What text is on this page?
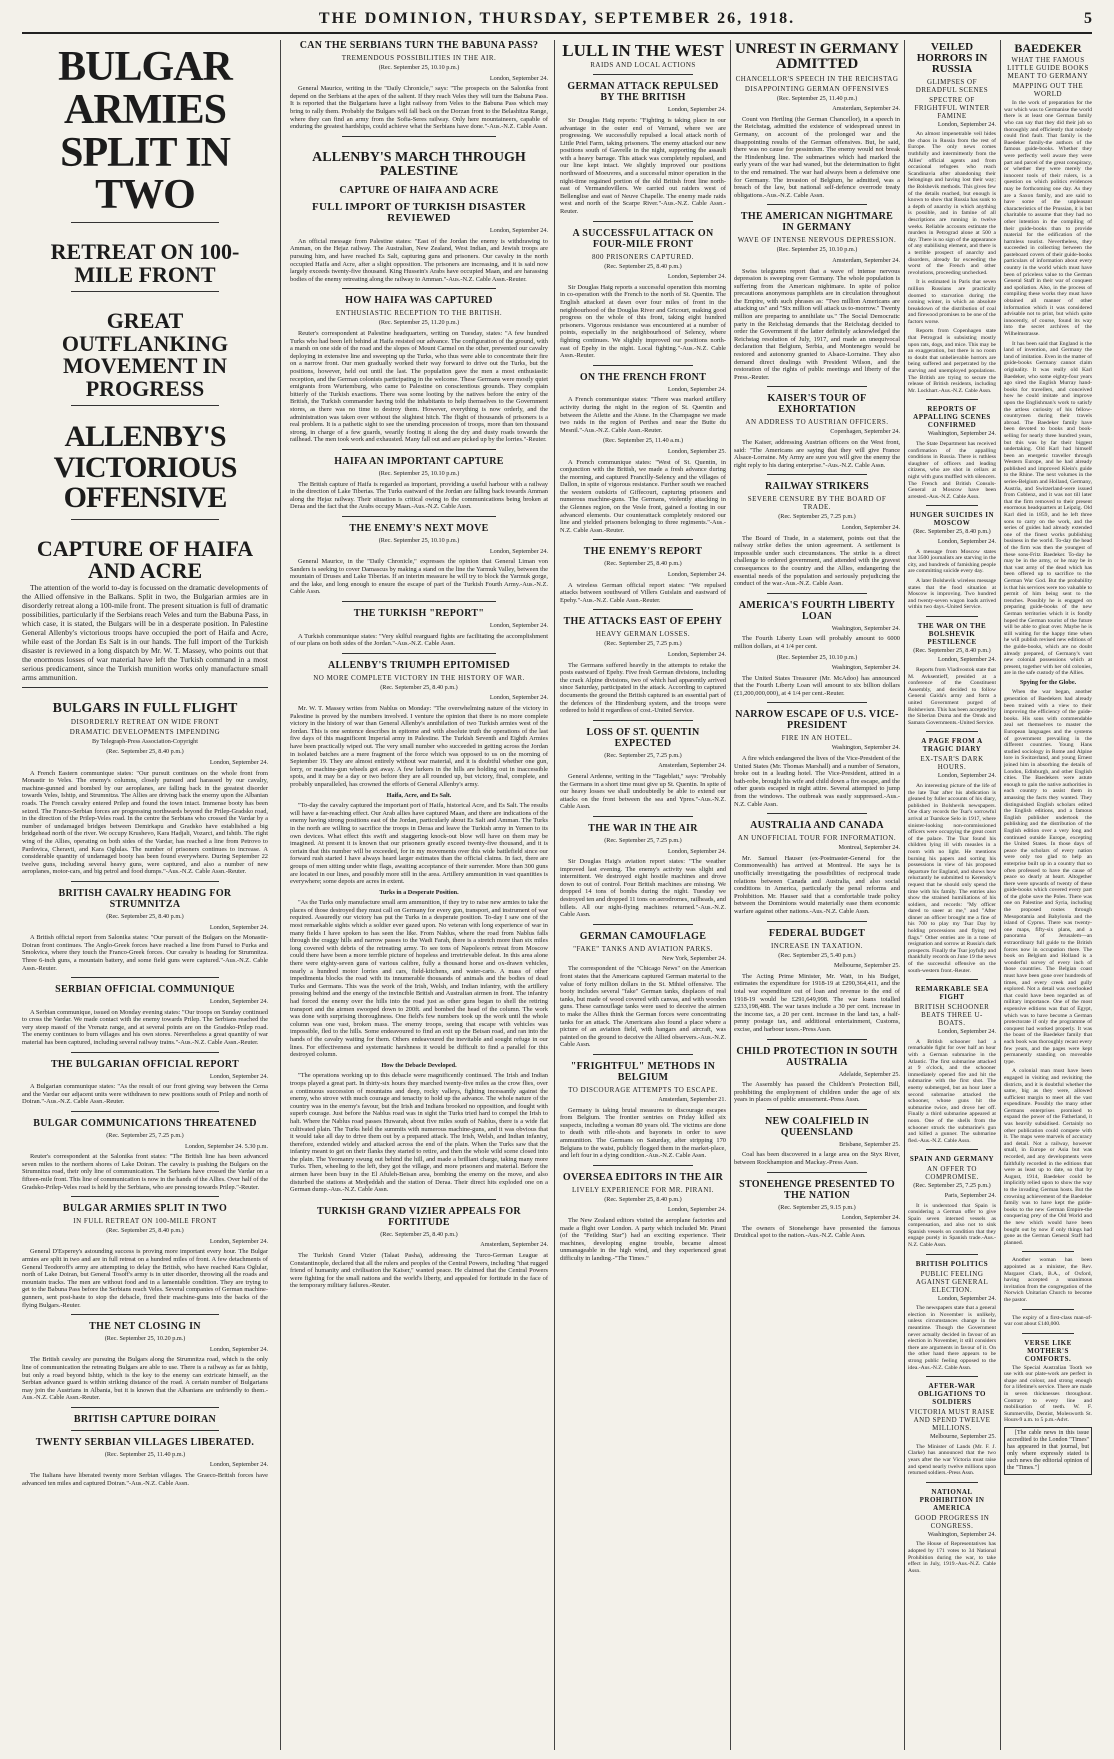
THE DOMINION, THURSDAY, SEPTEMBER 26, 1918.	5
BULGAR ARMIES SPLIT IN TWO
RETREAT ON 100-MILE FRONT
GREAT OUTFLANKING MOVEMENT IN PROGRESS
ALLENBY'S VICTORIOUS OFFENSIVE
CAPTURE OF HAIFA AND ACRE

The attention of the world to-day is focussed on the dramatic developments of the Allied offensive in the Balkans. Split in two, the Bulgarian armies are in disorderly retreat along a 100-mile front. The present situation is full of dramatic possibilities, particularly if the Serbians reach Veles and turn the Babuna Pass, in which case, it is stated, the Bulgars will be in a desperate position. In Palestine General Allenby's victorious troops have occupied the port of Haifa and Acre, while east of the Jordan Es Salt is in our hands. The full import of the Turkish disaster is reviewed in a long dispatch by Mr. W. T. Massey, who points out that the enormous losses of war material have left the Turkish command in a most serious predicament, since the Turkish munition works only manufacture small arms ammunition.

BULGARS IN FULL FLIGHT
DISORDERLY RETREAT ON WIDE FRONT
DRAMATIC DEVELOPMENTS IMPENDING
By Telegraph-Press Association-Copyright
(Rec. September 25, 8.40 p.m.)

London, September 24.

A French Eastern communique states: "Our pursuit continues on the whole front from Monastir to Veles. The enemy's columns, closely pursued and harassed by our cavalry, machine-gunned and bombed by our aeroplanes, are falling back in the greatest disorder towards Veles, Ishtip, and Strumnitza. The Allies are driving back the enemy upon the Albanian roads. The French cavalry entered Prilep and found the town intact. Immense booty has been seized. The Franco-Serbian forces are progressing northwards beyond the Prilep-Gradsko road, in the direction of the Prilep-Veles road. In the centre the Serbians who crossed the Vardar by a number of undamaged bridges between Demirkapu and Gradsko have established a big bridgehead north of the river. We occupy Krushevo, Kara Hadjali, Vozarci, and Ishtib. The right wing of the Allies, operating on both sides of the Vardar, has reached a line from Petrovo to Pardovica, Cheravti, and Kara Oglulas. The number of prisoners continues to increase. A considerable quantity of undamaged booty has been found everywhere. During September 22 twelve guns, including several heavy guns, were captured, and also a number of new aeroplanes, motor-cars, and big petrol and food dumps."-Aus.-N.Z. Cable Assn.-Reuter.

BRITISH CAVALRY HEADING FOR STRUMNITZA
(Rec. September 25, 8.40 p.m.)

London, September 24.

A British official report from Salonika states: "Our pursuit of the Bulgars on the Monastir-Doiran front continues. The Anglo-Greek forces have reached a line from Fursel to Furka and Smokvica, where they touch the Franco-Greek forces. Our cavalry is heading for Strumnitza. Three 6-inch guns, a mountain battery, and some field guns were captured."-Aus.-N.Z. Cable Assn.-Reuter.

SERBIAN OFFICIAL COMMUNIQUE

London, September 24.

A Serbian communique, issued on Monday evening states: "Our troops on Sunday continued to cross the Vardar. We made contact with the enemy towards Prilep. The Serbians reached the very steep massif of the Vrenatz range, and at several points are on the Gradsko-Prilep road. The enemy continues to burn villages and his own stores. Nevertheless a great quantity of war material has been captured, including several railway trains."-Aus.-N.Z. Cable Assn.-Reuter.

THE BULGARIAN OFFICIAL REPORT

London, September 24.

A Bulgarian communique states: "As the result of our front giving way between the Cerna and the Vardar our adjacent units were withdrawn to new positions south of Prilep and north of Doiran."-Aus.-N.Z. Cable Assn.-Reuter.

BULGAR COMMUNICATIONS THREATENED
(Rec. September 25, 7.25 p.m.)

London, September 24. 5.30 p.m.

Reuter's correspondent at the Salonika front states: "The British line has been advanced seven miles to the northern shores of Lake Doiran. The cavalry is pushing the Bulgars on the Strumnitza road, their only line of communication. The Serbians have crossed the Vardar on a fifteen-mile front. This line of communication is now in the hands of the Allies. Over half of the Gradsko-Prilep-Veles road is held by the Serbians, who are pressing towards Prilep."-Reuter.

BULGAR ARMIES SPLIT IN TWO
IN FULL RETREAT ON 100-MILE FRONT
(Rec. September 25, 8.40 p.m.)

London, September 24.

General D'Esperey's astounding success is proving more important every hour. The Bulgar armies are split in two and are in full retreat on a hundred miles of front. A few detachments of General Teodoroff's army are attempting to delay the British, who have reached Kara Oglular, north of Lake Doiran, but General Tosoff's army is in utter disorder, throwing all the roads and mountain tracks. The men are without food and in a lamentable condition. They are trying to get to the Babuna Pass before the Serbians reach Veles. Several companies of German machine-gunners, sent post-haste to stop the debacle, fired their machine-guns into the backs of the flying Bulgars.-Reuter.

THE NET CLOSING IN
(Rec. September 25, 10.20 p.m.)

London, September 24.

The British cavalry are pursuing the Bulgars along the Strumnitza road, which is the only line of communication the retreating Bulgars are able to use. There is a railway as far as Ishtip, but only a road beyond Ishtip, which is the key to the enemy can extricate himself, as the Serbian advance guard is within striking distance of the road. A certain number of Bulgarians may join the Austrians in Albania, but it is known that the Albanians are unfriendly to them.-Aus.-N.Z. Cable Assn.-Reuter.

BRITISH CAPTURE DOIRAN
TWENTY SERBIAN VILLAGES LIBERATED.
(Rec. September 25, 11.40 p.m.)

London, September 24.

The Italians have liberated twenty more Serbian villages. The Graeco-British forces have advanced ten miles and captured Doiran."-Aus.-N.Z. Cable Assn.

CAN THE SERBIANS TURN THE BABUNA PASS?
TREMENDOUS POSSIBILITIES IN THE AIR.
(Rec. September 25, 10.10 p.m.)

London, September 24.

General Maurice, writing in the "Daily Chronicle," says: "The prospects on the Salonika front depend on the Serbians at the apex of the salient. If they reach Veles they will turn the Babuna Pass. It is reported that the Bulgarians have a light railway from Veles to the Babuna Pass which may bring to rally them. Probably the Bulgars will fall back on the Dorzan front to the Belashitza Range, where they can find an army from the Sofia-Seres railway. Only here mountaineers, capable of enduring the greatest hardships, could achieve what the Serbians have done."-Aus.-N.Z. Cable Assn.

ALLENBY'S MARCH THROUGH PALESTINE
CAPTURE OF HAIFA AND ACRE
FULL IMPORT OF TURKISH DISASTER REVIEWED

London, September 24.

An official message from Palestine states: "East of the Jordan the enemy is withdrawing to Amman, on the Hejaz railway. The Australian, New Zealand, West Indian, and Jewish troops are pursuing him, and have reached Es Salt, capturing guns and prisoners. Our cavalry in the north occupied Haifa and Acre, after a slight opposition. The prisoners are increasing, and it is said now largely exceeds twenty-five thousand. King Hussein's Arabs have occupied Maan, and are harassing bodies of the enemy retreating along the railway to Amman."-Aus.-N.Z. Cable Assn.-Reuter.

HOW HAIFA WAS CAPTURED
ENTHUSIASTIC RECEPTION TO THE BRITISH.
(Rec. September 25, 11.20 p.m.)

Reuter's correspondent at Palestine headquarters, writing on Tuesday, states: "A few hundred Turks who had been left behind at Haifa resisted our advance. The configuration of the ground, with a marsh on one side of the road and the slopes of Mount Carmel on the other, prevented our cavalry deploying in extensive line and sweeping up the Turks, who thus were able to concentrate their fire on a narrow front. Our men gradually worked their way forward to drive out the Turks, but the positions, however, held out until the last. The population gave the men a most enthusiastic reception, and the German colonists participating in the welcome. These Germans were mostly quiet emigrants from Wurtemburg, who came to Palestine on conscientious grounds. They complain bitterly of the Turkish exactions. There was some looting by the natives before the entry of the British, the Turkish commander having told the inhabitants to help themselves to the Government stores, as there was no time to destroy them. However, everything is now orderly, and the administration was taken over without the slightest hitch. The flight of thousands of prisoners is a real problem. It is a pathetic sight to see the unending procession of troops, more than ten thousand strong, in charge of a few guards, wearily footing it along the dry and dusty roads towards the railhead. The men took work and exhausted. Many fall out and are picked up by the lorries."-Reuter.

HAIFA AN IMPORTANT CAPTURE
(Rec. September 25, 10.10 p.m.)

The British capture of Haifa is regarded as important, providing a useful harbour with a railway in the direction of Lake Tiberias. The Turks eastward of the Jordan are falling back towards Amman along the Hejaz railway. Their situation is critical owing to the communications being broken at Deraa and the fact that the Arabs occupy Maan.-Aus.-N.Z. Cable Assn.

THE ENEMY'S NEXT MOVE
(Rec. September 25, 10.10 p.m.)

London, September 24.

General Maurice, in the "Daily Chronicle," expresses the opinion that General Liman von Sanders is seeking to cover Damascus by making a stand on the line the Yarmuk Valley, between the mountain of Druses and Lake Tiberias. If an interim measure he will try to block the Yarmuk gorge, and the lake, and long enough to ensure the escape of part of the Turkish Fourth Army.-Aus.-N.Z. Cable Assn.

THE TURKISH "REPORT"

London, September 24.

A Turkish communique states: "Very skilful rearguard fights are facilitating the accomplishment of our plans on both sides of the Jordan."-Aus.-N.Z. Cable Assn.

ALLENBY'S TRIUMPH EPITOMISED
NO MORE COMPLETE VICTORY IN THE HISTORY OF WAR.
(Rec. September 25, 8.40 p.m.)

London, September 24.

Mr. W. T. Massey writes from Nablus on Monday: "The overwhelming nature of the victory in Palestine is proved by the numbers involved. I venture the opinion that there is no more complete victory in the history of war than General Allenby's annihilation of two Turkish armies west of the Jordan. This is one sentence describes in epitome and with absolute truth the operations of the last five days of this magnificent Imperial army in Palestine. The Turkish Seventh and Eighth Armies have been practically wiped out. The very small number who succeeded in getting across the Jordan in isolated batches are a mere fragment of the force which was opposed to us on the morning of September 19. They are almost entirely without war material, and it is doubtful whether one gun, lorry, or machine-gun wheels got away. A few lurkers in the hills are holding out in inaccessible spots, and it may be a day or two before they are all rounded up, but victory, final, complete, and probably unparalleled, has crowned the efforts of General Allenby's army.

Haifa, Acre, and Es Salt.

"To-day the cavalry captured the important port of Haifa, historical Acre, and Es Salt. The results will have a far-reaching effect. Our Arab allies have captured Maan, and there are indications of the enemy having strong positions east of the Jordan, particularly about Es Salt and Amman. The Turks in the north are willing to sacrifice the troops in Deraa and leave the Turkish army in Yemen to its own devices. What effect this swift and staggering knock-out blow will have on them may be imagined. At present it is known that our prisoners greatly exceed twenty-five thousand, and it is certain that this number will be exceeded, for in my movements over this wide battlefield since our forward rush started I have always heard larger estimates than the official claims. In fact, there are groups of men sitting under white flags, awaiting acceptance of their surrender. More than 300 guns are located in our lines, and possibly more still in the area. Artillery ammunition in vast quantities is everywhere; some depots are acres in extent.

Turks in a Desperate Position.

"As the Turks only manufacture small arm ammunition, if they try to raise new armies to take the places of those destroyed they must call on Germany for every gun, transport, and instrument of war required. Assuredly our victory has put the Turks in a desperate position. To-day I saw one of the most remarkable sights which a soldier ever gazed upon. No veteran with long experience of war in many fields I have spoken to has seen the like. From Nablus, where the road from Nablus falls through the craggy hills and narrow passes to the Wadi Farah, there is a stretch more than six miles long covered with debris of the retreating army. To see tons of Napoleon's retreat from Moscow could there have been a more terrible picture of hopeless and irretrievable defeat. In this area alone there were eighty-seven guns of various calibre, fully a thousand horse and ox-drawn vehicles, nearly a hundred motor lorries and cars, field-kitchens, and water-carts. A mass of other impedimenta blocks the road with its innumerable thousands of animals and the bodies of dead Turks and Germans. This was the work of the Irish, Welsh, and Indian infantry, with the artillery pressing behind and the energy of the invincible British and Australian airmen in front. The infantry had forced the enemy over the hills into the road just as other guns began to shell the retiring transport and the airmen swooped down to 200ft. and bombed the head of the column. The work was done with surprising thoroughness. One field's few numbers took up the work until the whole column was one vast, broken mass. The enemy troops, seeing that escape with vehicles was impossible, fled to the hills. Some endeavoured to find an exit up the Beisan road, and ran into the hands of the cavalry waiting for them. Others endeavoured the inevitable and sought refuge in our lines. For effectiveness and systematic harshness it would be difficult to find a parallel for this destroyed column.

How the Debacle Developed.

"The operations working up to this debacle were magnificently continued. The Irish and Indian troops played a great part. In thirty-six hours they marched twenty-five miles as the crow flies, over a continuous succession of mountains and deep, rocky valleys, fighting incessantly against the enemy, who strove with much courage and tenacity to hold up the advance. The whole nature of the country was in the enemy's favour, but the Irish and Indians brooked no opposition, and fought with superb courage. Just before the Nablus road was in sight the Turks tried hard to compel the Irish to halt. Where the Nablus road passes Huwarah, about five miles south of Nablus, there is a wide flat cultivated plain. The Turks held the summits with numerous machine-guns, and it was obvious that it would take all day to drive them out by a prepared attack. The Irish, Welsh, and Indian infantry, therefore, extended widely and attacked across the end of the plain. When the Turks saw that the infantry meant to get on their flanks they started to retire, and then the whole wild scene closed into the plain. The Yeomanry swung out behind the hill, and made a brilliant charge, taking many more Turks. Then, wheeling to the left, they got the village, and more prisoners and material. Before the airmen have been busy in the El Afuleh-Beisan area, bombing the enemy on the move, and also disturbed the stations at Medjeddah and the station of Deraa. Their direct hits exploded one on a German dump.-Aus.-N.Z. Cable Assn.

TURKISH GRAND VIZIER APPEALS FOR FORTITUDE
(Rec. September 25, 8.40 p.m.)

Amsterdam, September 24.

The Turkish Grand Vizier (Talaat Pasha), addressing the Turco-German League at Constantinople, declared that all the rulers and peoples of the Central Powers, including "that rugged friend of humanity and civilisation the Kaiser," wanted peace. He claimed that the Central Powers were fighting for the small nations and the world's liberty, and appealed for fortitude in the face of the temporary military failures.-Reuter.

LULL IN THE WEST
RAIDS AND LOCAL ACTIONS
GERMAN ATTACK REPULSED BY THE BRITISH

London, September 24.

Sir Douglas Haig reports: "Fighting is taking place in our advantage in the outer end of Verrand, where we are progressing. We successfully repulsed a local attack north of Little Priel Farm, taking prisoners. The enemy attacked our new positions south of Gavrelle in the night, supporting the assault with a heavy barrage. This attack was completely repulsed, and our line kept intact. We slightly improved our positions northward of Moeuvres, and a successful minor operation in the night-time regained portion of the old British front line north-east of Vermandovillers. We carried out raiders west of Bellenglise and east of Neuve Chapelle. The enemy made raids west and north of the Scarpe River."-Aus.-N.Z. Cable Assn.-Reuter.

A SUCCESSFUL ATTACK ON FOUR-MILE FRONT
800 PRISONERS CAPTURED.
(Rec. September 25, 8.40 p.m.)

London, September 24.

Sir Douglas Haig reports a successful operation this morning in co-operation with the French to the north of St. Quentin. The English attacked at dawn over four miles of front in the neighbourhood of the Douglas River and Gricourt, making good progress on the whole of this front, taking eight hundred prisoners. Vigorous resistance was encountered at a number of points, especially in the neighbourhood of Selency, where fighting continues. We slightly improved our positions north-east of Epehy in the night. Local fighting."-Aus.-N.Z. Cable Assn.-Reuter.

ON THE FRENCH FRONT

London, September 24.

A French communique states: "There was marked artillery activity during the night in the region of St. Quentin and between the Ailette and the Aisne. In the Champagne we made two raids in the region of Perthes and near the Butte du Mesnil."-Aus.-N.Z. Cable Assn.-Reuter.

(Rec. September 25, 11.40 a.m.)

London, September 25.

A French communique states: "West of St. Quentin, in conjunction with the British, we made a fresh advance during the morning, and captured Francilly-Selency and the villages of Dallon, in spite of vigorous resistance. Further south we reached the western outskirts of Giffecourt, capturing prisoners and numerous machine-guns. The Germans, violently attacking in the Glennes region, on the Vesle front, gained a footing in our advanced elements. Our counterattack completely restored our line and yielded prisoners belonging to three regiments."-Aus.-N.Z. Cable Assn.-Reuter.

THE ENEMY'S REPORT
(Rec. September 25, 8.40 p.m.)

London, September 24.

A wireless German official report states: "We repulsed attacks between southward of Villers Guislain and eastward of Epehy."-Aus.-N.Z. Cable Assn.-Reuter.

THE ATTACKS EAST OF EPEHY
HEAVY GERMAN LOSSES.
(Rec. September 25, 7.25 p.m.)

London, September 24.

The Germans suffered heavily in the attempts to retake the posts eastward of Epehy. Five fresh German divisions, including the crack Alpine divisions, two of which had apparently arrived since Saturday, participated in the attack. According to captured documents the ground the British captured is an essential part of the defences of the Hindenburg system, and the troops were ordered to hold it regardless of cost.-United Service.

LOSS OF ST. QUENTIN EXPECTED
(Rec. September 25, 7.25 p.m.)

Amsterdam, September 24.

General Ardenne, writing in the "Tageblatt," says: "Probably the Germans in a short time must give up St. Quentin. In spite of our heavy losses we shall undoubtedly be able to extend our attacks on the front between the sea and Ypres."-Aus.-N.Z. Cable Assn.

THE WAR IN THE AIR
(Rec. September 25, 7.25 p.m.)

London, September 24.

Sir Douglas Haig's aviation report states: "The weather improved last evening. The enemy's activity was slight and intermittent. We destroyed eight hostile machines and drove down to out of control. Four British machines are missing. We dropped 14 tons of bombs during the night. Tuesday we destroyed ten and dropped 11 tons on aerodromes, railheads, and billets. All our night-flying machines returned."-Aus.-N.Z. Cable Assn.

GERMAN CAMOUFLAGE
"FAKE" TANKS AND AVIATION PARKS.

New York, September 24.

The correspondent of the "Chicago News" on the American front states that the Americans captured German material to the value of forty million dollars in the St. Mihiel offensive. The booty includes several "fake" German tanks, displaces of real tanks, but made of wood covered with canvas, and with wooden guns. These camouflage tanks were used to deceive the airmen to make the Allies think the German forces were concentrating tanks for an attack. The Americans also found a place where a picture of an aviation field, with hangars and aircraft, was painted on the ground to deceive the Allied observers.-Aus.-N.Z. Cable Assn.

"FRIGHTFUL" METHODS IN BELGIUM
TO DISCOURAGE ATTEMPTS TO ESCAPE.

Amsterdam, September 21.

Germany is taking brutal measures to discourage escapes from Belgium. The frontier sentries on Friday killed six suspects, including a woman 80 years old. The victims are done to death with rifle-shots and bayonets in order to save ammunition. The Germans on Saturday, after stripping 170 Belgians to the waist, publicly flogged them in the market-place, and left four in a dying condition.-Aus.-N.Z. Cable Assn.

OVERSEA EDITORS IN THE AIR
LIVELY EXPERIENCE FOR MR. PIRANI.
(Rec. September 25, 8.40 p.m.)

London, September 24.

The New Zealand editors visited the aeroplane factories and made a flight over London. A party which included Mr. Pirani (of the "Feilding Star") had an exciting experience. Their machines, developing engine trouble, became almost unmanageable in the high wind, and they experienced great difficulty in landing.-"The Times."

UNREST IN GERMANY ADMITTED
CHANCELLOR'S SPEECH IN THE REICHSTAG
DISAPPOINTING GERMAN OFFENSIVES
(Rec. September 25, 11.40 p.m.)

Amsterdam, September 24.

Count von Hertling (the German Chancellor), in a speech in the Reichstag, admitted the existence of widespread unrest in Germany, on account of the prolonged war and the disappointing results of the German offensives. But, he said, there was no cause for pessimism. The enemy would not break the Hindenburg line. The submarines which had marked the early years of the war had waned, but the determination to fight to the end remained. The war had always been a defensive one for Germany. The invasion of Belgium, he admitted, was a breach of the law, but national self-defence overrode treaty obligations.-Aus.-N.Z. Cable Assn.

THE AMERICAN NIGHTMARE IN GERMANY
WAVE OF INTENSE NERVOUS DEPRESSION.
(Rec. September 25, 10.10 p.m.)

Amsterdam, September 24.

Swiss telegrams report that a wave of intense nervous depression is sweeping over Germany. The whole population is suffering from the American nightmare. In spite of police precautions anonymous pamphlets are in circulation throughout the Empire, with such phrases as: "Two million Americans are attacking us" and "Six million will attack us to-morrow." Twenty million are preparing to annihilate us." The Social Democratic party in the Reichstag demands that the Reichstag decided to order the Government if the latter definitely acknowledged the Reichstag resolution of July, 1917, and made an unequivocal declaration that Belgium, Serbia, and Montenegro would be restored and autonomy granted to Alsace-Lorraine. They also demand direct dealings with President Wilson, and the restoration of the rights of public meetings and liberty of the Press.-Reuter.

KAISER'S TOUR OF EXHORTATION
AN ADDRESS TO AUSTRIAN OFFICERS.

Copenhagen, September 24.

The Kaiser, addressing Austrian officers on the West front, said: "The Americans are saying that they will give France Alsace-Lorraine. My Army are sure you will give the enemy the right reply to his daring enterprise."-Aus.-N.Z. Cable Assn.

RAILWAY STRIKERS
SEVERE CENSURE BY THE BOARD OF TRADE.
(Rec. September 25, 7.25 p.m.)

London, September 24.

The Board of Trade, in a statement, points out that the railway strike defies the union agreement. A settlement is impossible under such circumstances. The strike is a direct challenge to ordered government, and attended with the gravest consequences to the country and the Allies, endangering the essential needs of the population and seriously prejudicing the conduct of the war.-Aus.-N.Z. Cable Assn.

AMERICA'S FOURTH LIBERTY LOAN

Washington, September 24.

The Fourth Liberty Loan will probably amount to 6000 million dollars, at 4 1/4 per cent.

(Rec. September 25, 10.10 p.m.)

Washington, September 24.

The United States Treasurer (Mr. McAdoo) has announced that the Fourth Liberty Loan will amount to six billion dollars (£1,200,000,000), at 4 1/4 per cent.-Reuter.

NARROW ESCAPE OF U.S. VICE-PRESIDENT
FIRE IN AN HOTEL.

Washington, September 24.

A fire which endangered the lives of the Vice-President of the United States (Mr. Thomas Marshall) and a number of Senators, broke out in a leading hotel. The Vice-President, attired in a bath-robe, brought his wife and child down a fire escape, and the other guests escaped in night attire. Several attempted to jump from the windows. The outbreak was easily suppressed.-Aus.-N.Z. Cable Assn.

AUSTRALIA AND CANADA
AN UNOFFICIAL TOUR FOR INFORMATION.

Montreal, September 24.

Mr. Samuel Hauser (ex-Postmaster-General for the Commonwealth) has arrived at Montreal. He says he is unofficially investigating the possibilities of reciprocal trade relations between Canada and Australia, and also social conditions in America, particularly the penal reforms and Prohibition. Mr. Hauser said that a comfortable trade policy between the Dominions would materially ease them economic warfare against other nations.-Aus.-N.Z. Cable Assn.

FEDERAL BUDGET
INCREASE IN TAXATION.
(Rec. September 25, 5.40 p.m.)

Melbourne, September 25.

The Acting Prime Minister, Mr. Watt, in his Budget, estimates the expenditure for 1918-19 at £290,364,411, and the total war expenditure out of loan and revenue to the end of 1918-19 would be £291,649,998. The war loans totalled £233,198,488. The war taxes include a 30 per cent. increase in the income tax, a 20 per cent. increase in the land tax, a half-penny postage tax, and additional entertainment, Customs, excise, and harbour taxes.-Press Assn.

CHILD PROTECTION IN SOUTH AUSTRALIA

Adelaide, September 25.

The Assembly has passed the Children's Protection Bill, prohibiting the employment of children under the age of six years in places of public amusement.-Press Assn.

NEW COALFIELD IN QUEENSLAND

Brisbane, September 25.

Coal has been discovered in a large area on the Styx River, between Rockhampton and Mackay.-Press Assn.

STONEHENGE PRESENTED TO THE NATION
(Rec. September 25, 9.15 p.m.)

London, September 24.

The owners of Stonehenge have presented the famous Druidical spot to the nation.-Aus.-N.Z. Cable Assn.

VEILED HORRORS IN RUSSIA
GLIMPSES OF DREADFUL SCENES
SPECTRE OF FRIGHTFUL WINTER FAMINE

London, September 24.

An almost impenetrable veil hides the chaos in Russia from the rest of Europe. The only news comes truthfully and intermittently from the Allies' official agents and from occasional refugees who reach Scandinavia after abandoning their belongings and having lost their way; the Bolshevik methods. This gives few of the details reached, but enough is known to show that Russia has sunk to a depth of anarchy in which anything is possible, and in famine of all descriptions are running in twelve weeks. Reliable accounts estimate the murders in Petrograd alone at 500 a day. There is no sign of the appearance of any stabilising element, and there is a terrible prospect of anarchy and disorders, already far exceeding the worst of the French and other revolutions, proceeding unchecked.

It is estimated in Paris that seven million Russians are practically doomed to starvation during the coming winter, in which an absolute breakdown of the distribution of coal and firewood promises to be one of the factors worse.

Reports from Copenhagen state that Petrograd is subsisting mostly upon rats, dogs, and mice. This may be an exaggeration, but there is no room to doubt that unbelievable horrors are being suffered and perpetrated by the starving and unemployed populations. The British are trying to secure the release of British residents, including Mr. Lockhart.-Aus.-N.Z. Cable Assn.

REPORTS OF APPALLING SCENES CONFIRMED

Washington, September 24.

The State Department has received confirmation of the appalling conditions in Russia. There is ruthless slaughter of officers and leading citizens, who are shot in cellars at night with guns muffled with silencers. The French and British Consuls-General at Moscow have been arrested.-Aus.-N.Z. Cable Assn.

HUNGER SUICIDES IN MOSCOW
(Rec. September 25, 8.40 p.m.)

London, September 24.

A message from Moscow states that 3500 journalists are starving in the city, and hundreds of famishing people are committing suicide every day.

A later Bolshevik wireless message states that the food situation at Moscow is improving. Two hundred and twenty-seven wagon loads arrived within two days.-United Service.

THE WAR ON THE BOLSHEVIK PESTILENCE
(Rec. September 25, 8.40 p.m.)

London, September 24.

Reports from Vladivostok state that M. Avksentieff, presided at a conference of the Constituent Assembly, and decided to follow General Gaida's army and form a united Government purged of Bolshevism. This has been accepted by the Siberian Duma and the Omsk and Samara Governments.-United Service.

A PAGE FROM A TRAGIC DIARY
EX-TSAR'S DARK HOURS.

London, September 24.

An interesting picture of the life of the late Tsar after his abdication is gleaned by fuller accounts of his diary, published in Bolshevik newspapers. One diary records the Tsar's sorrowful arrival at Tsarskoe Selo in 1917, where sinister-looking non-commissioned officers were occupying the great court of the palace. The Tsar found his children lying ill with measles in a room with no light. He mentions burning his papers and sorting his possessions in view of his proposed departure for England, and shows how reluctantly he submitted to Kerensky's request that he should only spend the time with his family. The entries also show the strained humiliations of his soldiers, and records: "My officer dared to sneer at me," and "After dinner an officer brought me a fine of his 700 to play my Tsar Day by holding processions and flying red flags." Other entries are in a tone of resignation and sorrow at Russia's dark prospects. Finally the Tsar joyfully and thankfully records on June 19 the news of the successful offensive on the south-western front.-Reuter.

REMARKABLE SEA FIGHT
BRITISH SCHOONER BEATS THREE U-BOATS.

London, September 24.

A British schooner had a remarkable fight for over half an hour with a German submarine in the Atlantic. The first submarine attacked at 9 o'clock, and the schooner immediately opened fire and hit the submarine with the first shot. The enemy submerged, but an hour later a second submarine attacked the schooner, whose guns hit the submarine twice, and drove her off. Finally a third submarine appeared at noon. One of the shells from the schooner struck the submarine's gun and killed a gunner. The submarine fled.-Aus.-N.Z. Cable Assn.

SPAIN AND GERMANY
AN OFFER TO COMPROMISE.
(Rec. September 25, 7.25 p.m.)

Paris, September 24.

It is understood that Spain is considering a German offer to give Spain seven interned vessels as compensation, and also not to sink Spanish vessels on condition that they engage purely in Spanish trade.-Aus.-N.Z. Cable Assn.

BRITISH POLITICS
PUBLIC FEELING AGAINST GENERAL ELECTION.

London, September 24.

The newspapers state that a general election in November is unlikely, unless circumstances change in the meantime. Though the Government never actually decided in favour of an election in November, it still considers there are arguments in favour of it. On the other hand there appears to be strong public feeling opposed to the idea.-Aus.-N.Z. Cable Assn.

AFTER-WAR OBLIGATIONS TO SOLDIERS
VICTORIA MUST RAISE AND SPEND TWELVE MILLIONS.

Melbourne, September 25.

The Minister of Lands (Mr. F. J. Clarke) has announced that the two years after the war Victoria must raise and spend nearly twelve millions upon returned soldiers.-Press Assn.

NATIONAL PROHIBITION IN AMERICA
GOOD PROGRESS IN CONGRESS.

Washington, September 24.

The House of Representatives has adopted by 171 votes to 34 National Prohibition during the war, to take effect in July, 1919.-Aus.-N.Z. Cable Assn.

BAEDEKER
WHAT THE FAMOUS LITTLE GUIDE BOOKS MEANT TO GERMANY
MAPPING OUT THE WORLD

In the work of preparation for the war which was to Germanise the world there is at least one German family who can say that they did their job so thoroughly and efficiently that nobody could find fault. That family is the Baedeker family-the authors of the famous guide-books. Whether they were perfectly well aware they were part and parcel of the great conspiracy, or whether they were merely the innocent tools of their rulers, is a question on which politics evidences may be forthcoming one day. As they are a Saxon family, and are said to have some of the unpleasant characteristics of the Prussian, it is but charitable to assume that they had no other intention in the compiling of their guide-books than to provide material for the edification of the harmless tourist. Nevertheless, they succeeded in collecting between the pasteboard covers of their guide-books particulars of information about every country in the world which must have been of priceless value to the German General Staff in their war of conquest and spoliation. Also, in the process of compiling these works they must have obtained all manner of other information which it was considered advisable not to print, but which quite innocently, of course, found its way into the secret archives of the Wilhelmstrasse.

It has been said that England is the land of invention, and Germany the land of imitation. Even in the matter of guide-books Germany cannot claim originality. It was really old Karl Baedeker, who some eighty-four years ago sired the English Murray hand-books for travellers, and conceived how he could imitate and improve upon the Englishman's work to satisfy the artless curiosity of his fellow-countrymen during their travels abroad. The Baedeker family have been devoted to books and book-selling for nearly three hundred years, but this was by far their biggest undertaking. Old Karl had himself been an energetic traveller through Western Europe, and he had already published and improved Klein's guide to the Rhine. The next volumes in the series-Belgium and Holland, Germany, Austria, and Switzerland-were issued from Coblenz, and it was not till later that the firm removed to their present enormous headquarters at Leipzig. Old Karl died in 1859, and he left three sons to carry on the work, and the series of guides had already extended one of the finest works publishing business in the world. To-day the head of the firm was then the youngest of these sons-Fritz Baedeker. To-day he may be in the army, or he may be in that vast army of the dead which has been offered up to sacrifice to the German War God. But the probability is that his services were too valuable to permit of him being sent to the trenches. Possibly he is engaged on preparing guide-books of the new German territories which it is fondly hoped the German tourist of the future will be able to gloat over. Maybe he is still waiting for the happy time when he will publish revised new editions of the guide-books, which are no doubt already prepared, of Germany's vast new colonial possessions which at present, together with her old colonies, are in the safe custody of the Allies.

Spying for the Globe.

When the war began, another generation of Baedekers had already been trained with a view to their improving the efficiency of the guide-books. His sons with commendable zeal set themselves to master the European languages and the systems of government prevailing in the different countries. Young Hans studied sociology in Rome and Alpine lore in Switzerland, and young Ernest joined him in absorbing the details of London, Edinburgh, and other English cities. The Baedekers were astute enough to gain the native authorities in each country to assist them in amassing the facts they wanted. They distinguished English scholars edited the English editions, and a famous English publisher undertook the publishing and the distribution of the English edition over a very long and continued outside Europe, excepting the United States. In those days of peace the scholars of every nation were only too glad to help an enterprise built up in a country that so often professed to have the cause of peace so dearly at heart. Altogether there were upwards of twenty of these guide-books which covered every part of the globe save the Poles. There was one on Palestine and Syria, including the proposed routes through Mesopotamia and Babylonia and the island of Cyprus. There was twenty-one maps, fifty-six plans, and a panorama of Jerusalem—an extraordinary full guide to the British forces now in occupation there. The book on Belgium and Holland is a wonderful survey of every inch of those countries. The Belgian coast must have been gone over hundreds of times, and every creek and gully explored. Not a detail was overlooked that could have been regarded as of military importance. One of the most expensive editions was that of Egypt, which was to have become a German protectorate if only the programme of conquest had worked properly. It was the boast of the Baedeker family that each book was thoroughly recast every few years, and the pages were kept permanently standing on moveable type.

A colonial man must have been engaged in visiting and revisiting the districts, and it is doubtful whether the same, big as they were, allowed sufficient margin to meet all the vast expenditure. Possibly the many other Germans enterprises promised to expand the power of the Fatherland, it was heavily subsidised. Certainly no other publication could compete with it. The maps were marvels of accuracy and detail. Not a railway, however small, in Europe or Asia but was recorded, and any developments were faithfully recorded in the editions that were as least up to date, so that by August, 1914, Baedeker could be implicitly relied upon to show the way to the invading German hosts. But the crowning achievement of the Baedeker family was to have kept the guide-books to the new German Empire-the conquering prey of the Old World and the new which would have been bought out by now if only things had gone as the German General Staff had planned.

Another woman has been appointed as a minister, the Rev. Margaret Clark, B.A., of Oxford, having accepted a unanimous invitation from the congregation of the Norwich Unitarian Church to become the pastor.

The expiry of a first-class man-of-war cost about £140,000.

VERSE LIKE MOTHER'S COMFORTS.

The Special Australian Tooth we use with our plate-work are perfect in shape and colour, and strong enough for a lifetime's service. There are made in seven thicknesses throughout. Contrary to every line and mobilisation of teeth. W. F. Summerville, Dentist, Molesworth St. Hours-9 a.m. to 5 p.m.-Advt.

[The cable news in this issue accredited to the London "Times" has appeared in that journal, but only where expressly stated is such news the editorial opinion of the "Times."]
